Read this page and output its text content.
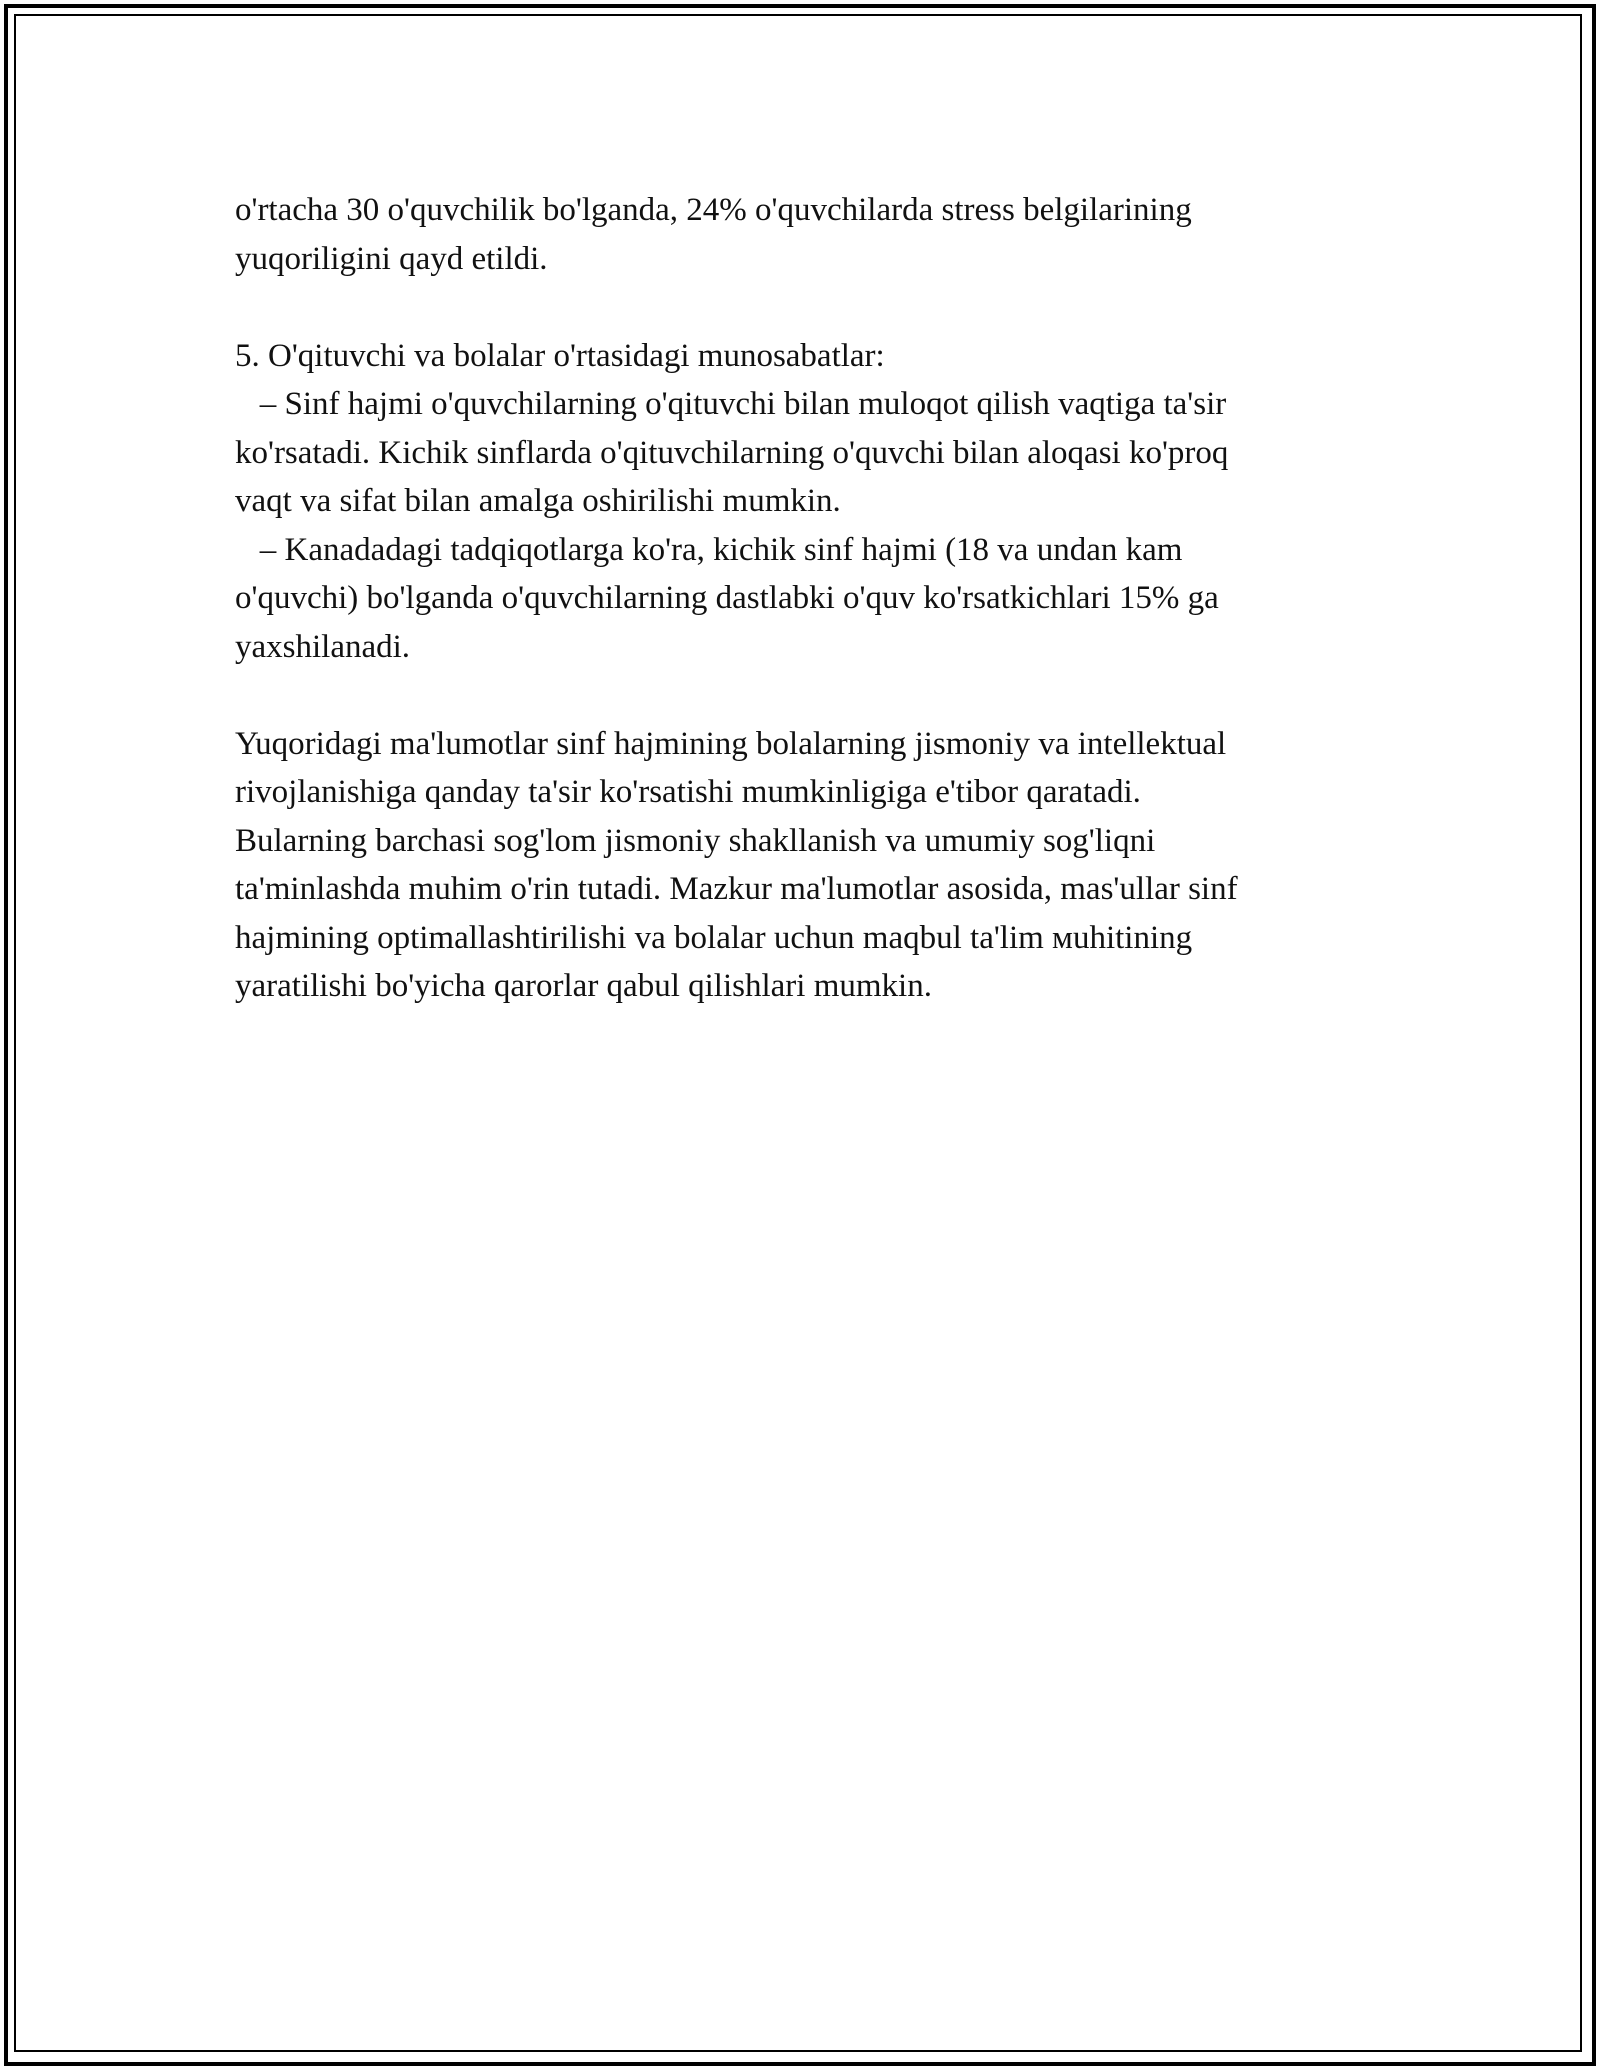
o'rtacha 30 o'quvchilik bo'lganda, 24% o'quvchilarda stress belgilarining

yuqoriligini qayd etildi.

5. O'qituvchi va bolalar o'rtasidagi munosabatlar:

– Sinf hajmi o'quvchilarning o'qituvchi bilan muloqot qilish vaqtiga ta'sir

ko'rsatadi. Kichik sinflarda o'qituvchilarning o'quvchi bilan aloqasi ko'proq

vaqt va sifat bilan amalga oshirilishi mumkin.

– Kanadadagi tadqiqotlarga ko'ra, kichik sinf hajmi (18 va undan kam

o'quvchi) bo'lganda o'quvchilarning dastlabki o'quv ko'rsatkichlari 15% ga

yaxshilanadi.

Yuqoridagi ma'lumotlar sinf hajmining bolalarning jismoniy va intellektual

rivojlanishiga qanday ta'sir ko'rsatishi mumkinligiga e'tibor qaratadi.

Bularning barchasi sog'lom jismoniy shakllanish va umumiy sog'liqni

ta'minlashda muhim o'rin tutadi. Mazkur ma'lumotlar asosida, mas'ullar sinf

hajmining optimallashtirilishi va bolalar uchun maqbul ta'lim мuhitining

yaratilishi bo'yicha qarorlar qabul qilishlari mumkin.
